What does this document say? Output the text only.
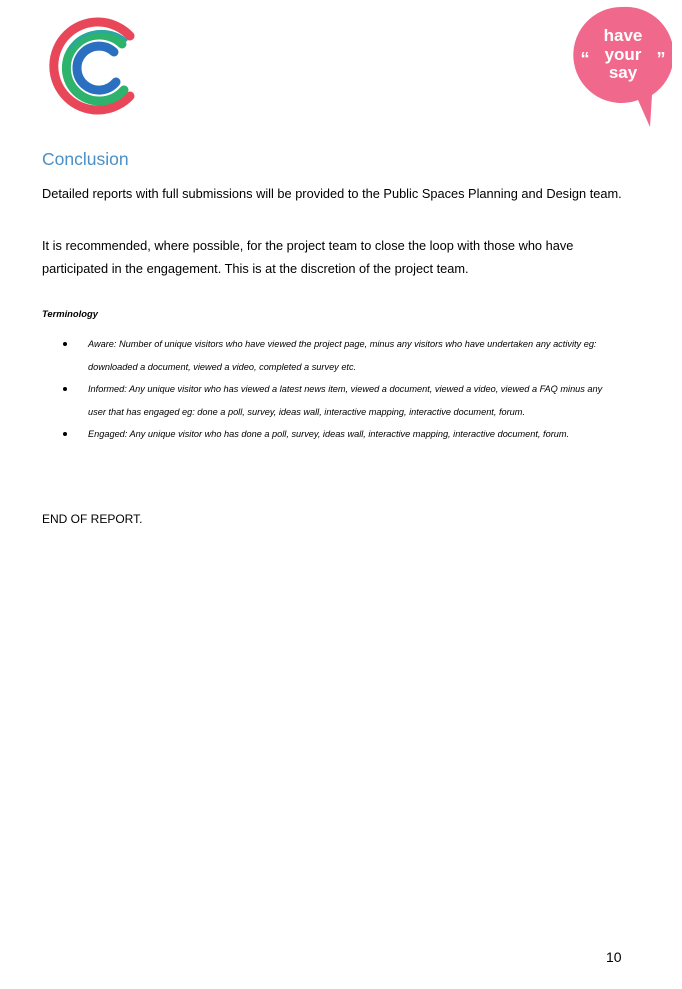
have
your
say
“	”
Conclusion

Detailed reports with full submissions will be provided to the Public Spaces Planning and Design team.

It is recommended, where possible, for the project team to close the loop with those who have participated in the engagement. This is at the discretion of the project team.

Terminology

Aware: Number of unique visitors who have viewed the project page, minus any visitors who have undertaken any activity eg: downloaded a document, viewed a video, completed a survey etc.
Informed: Any unique visitor who has viewed a latest news item, viewed a document, viewed a video, viewed a FAQ minus any user that has engaged eg: done a poll, survey, ideas wall, interactive mapping, interactive document, forum.
Engaged: Any unique visitor who has done a poll, survey, ideas wall, interactive mapping, interactive document, forum.

END OF REPORT.

10
